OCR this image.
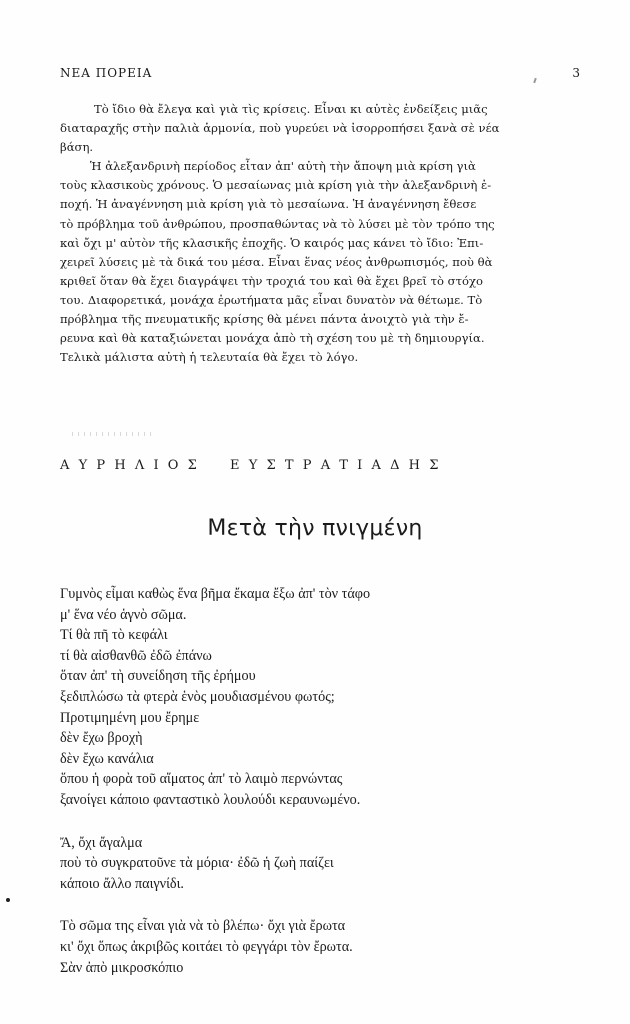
ΝΕΑ ΠΟΡΕΙΑ	3
Τὸ ἴδιο θὰ ἔλεγα καὶ γιὰ τὶς κρίσεις. Εἶναι κι αὐτὲς ἐνδείξεις μιᾶς
διαταραχῆς στὴν παλιὰ ἁρμονία, ποὺ γυρεύει νὰ ἰσορροπήσει ξανὰ σὲ νέα
βάση.
Ἡ ἀλεξανδρινὴ περίοδος εἶταν ἀπ' αὐτὴ τὴν ἄποψη μιὰ κρίση γιὰ
τοὺς κλασικοὺς χρόνους. Ὁ μεσαίωνας μιὰ κρίση γιὰ τὴν ἀλεξανδρινὴ ἐ-
ποχή. Ἡ ἀναγέννηση μιὰ κρίση γιὰ τὸ μεσαίωνα. Ἡ ἀναγέννηση ἔθεσε
τὸ πρόβλημα τοῦ ἀνθρώπου, προσπαθώντας νὰ τὸ λύσει μὲ τὸν τρόπο της
καὶ ὄχι μ' αὐτὸν τῆς κλασικῆς ἐποχῆς. Ὁ καιρός μας κάνει τὸ ἴδιο: Ἐπι-
χειρεῖ λύσεις μὲ τὰ δικά του μέσα. Εἶναι ἕνας νέος ἀνθρωπισμός, ποὺ θὰ
κριθεῖ ὅταν θὰ ἔχει διαγράψει τὴν τροχιά του καὶ θὰ ἔχει βρεῖ τὸ στόχο
του. Διαφορετικά, μονάχα ἐρωτήματα μᾶς εἶναι δυνατὸν νὰ θέτωμε. Τὸ
πρόβλημα τῆς πνευματικῆς κρίσης θὰ μένει πάντα ἀνοιχτὸ γιὰ τὴν ἔ-
ρευνα καὶ θὰ καταξιώνεται μονάχα ἀπὸ τὴ σχέση του μὲ τὴ δημιουργία.
Τελικὰ μάλιστα αὐτὴ ἡ τελευταία θὰ ἔχει τὸ λόγο.
ΑΥΡΗΛΙΟΣ ΕΥΣΤΡΑΤΙΑΔΗΣ
Μετὰ τὴν πνιγμένη
Γυμνὸς εἶμαι καθὼς ἕνα βῆμα ἔκαμα ἔξω ἀπ' τὸν τάφο
μ' ἕνα νέο ἁγνὸ σῶμα.
Τί θὰ πῆ τὸ κεφάλι
τί θὰ αἰσθανθῶ ἐδῶ ἐπάνω
ὅταν ἀπ' τὴ συνείδηση τῆς ἐρήμου
ξεδιπλώσω τὰ φτερὰ ἑνὸς μουδιασμένου φωτός;
Προτιμημένη μου ἔρημε
δὲν ἔχω βροχὴ
δὲν ἔχω κανάλια
ὅπου ἡ φορὰ τοῦ αἵματος ἀπ' τὸ λαιμὸ περνώντας
ξανοίγει κάποιο φανταστικὸ λουλούδι κεραυνωμένο.
Ἄ, ὄχι ἄγαλμα
ποὺ τὸ συγκρατοῦνε τὰ μόρια· ἐδῶ ἡ ζωὴ παίζει
κάποιο ἄλλο παιγνίδι.
Τὸ σῶμα της εἶναι γιὰ νὰ τὸ βλέπω· ὄχι γιὰ ἔρωτα
κι' ὄχι ὅπως ἀκριβῶς κοιτάει τὸ φεγγάρι τὸν ἔρωτα.
Σὰν ἀπὸ μικροσκόπιο
